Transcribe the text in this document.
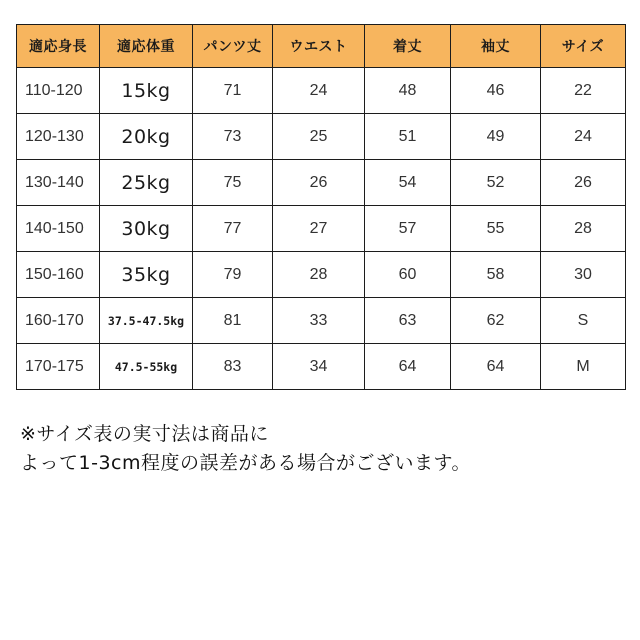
適応身長	適応体重	パンツ丈	ウエスト	着丈	袖丈	サイズ
110-120	15kg	71	24	48	46	22
120-130	20kg	73	25	51	49	24
130-140	25kg	75	26	54	52	26
140-150	30kg	77	27	57	55	28
150-160	35kg	79	28	60	58	30
160-170	37.5-47.5kg	81	33	63	62	S
170-175	47.5-55kg	83	34	64	64	M
※サイズ表の実寸法は商品に
よって1-3cm程度の誤差がある場合がございます。
